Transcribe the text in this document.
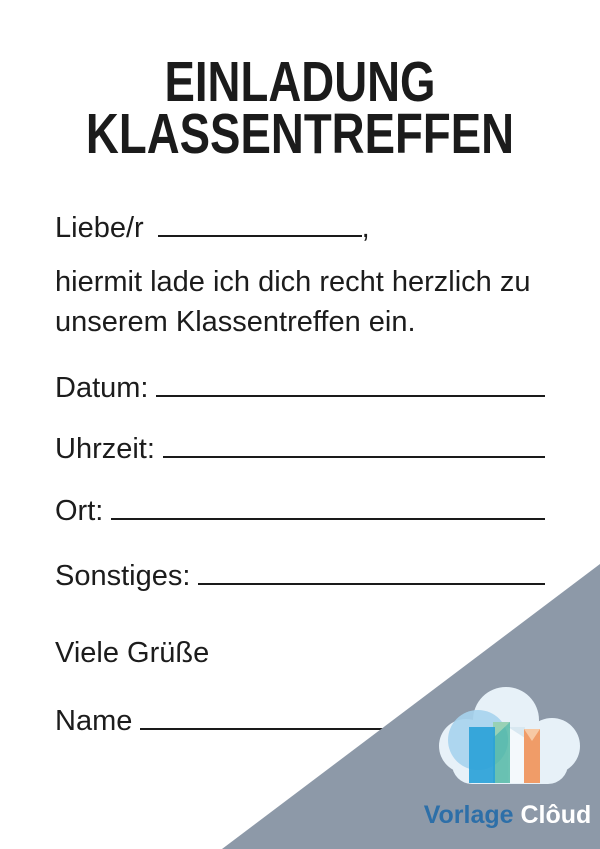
EINLADUNG
KLASSENTREFFEN
Liebe/r	,
hiermit lade ich dich recht herzlich zu
unserem Klassentreffen ein.
Datum:
Uhrzeit:
Ort:
Sonstiges:
Viele Grüße
Name
Vorlage Clôud
